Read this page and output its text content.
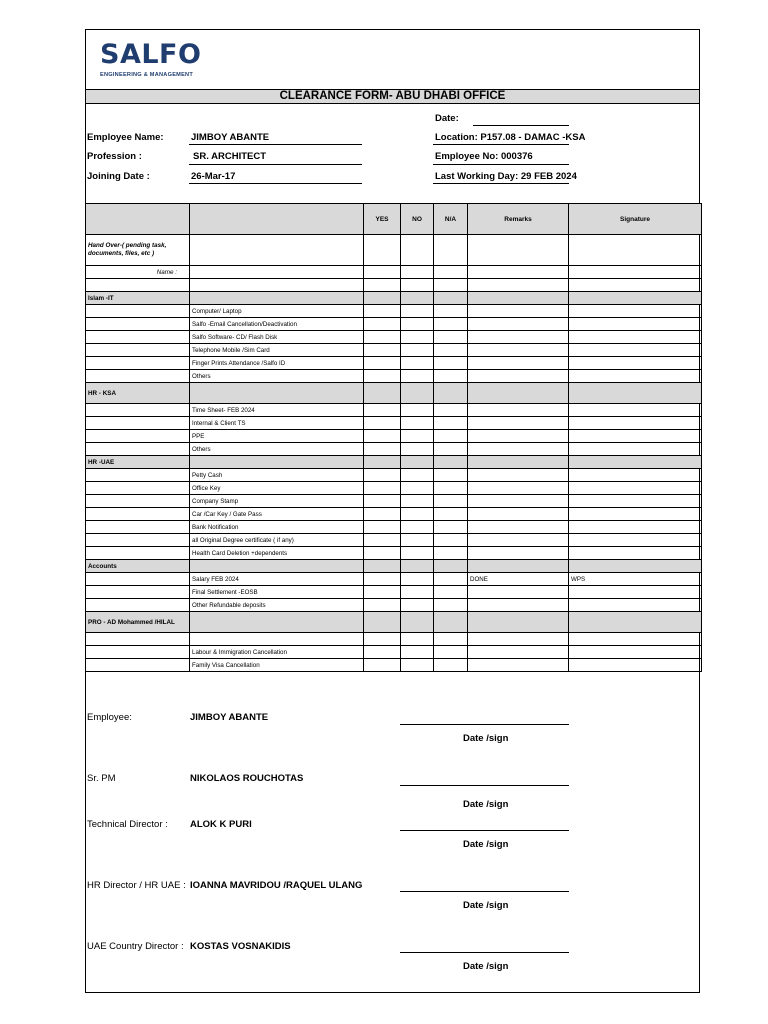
SALFO
ENGINEERING & MANAGEMENT
CLEARANCE FORM- ABU DHABI OFFICE
Date:
Employee Name:	JIMBOY ABANTE	Location: P157.08 - DAMAC -KSA
Profession :	SR. ARCHITECT	Employee No: 000376
Joining Date :	26-Mar-17	Last Working Day: 29 FEB 2024
		YES	NO	N/A	Remarks	Signature
Hand Over-( pending task, documents, files, etc )						
Name :						

Islam -IT						
	Computer/ Laptop					
	Salfo -Email Cancellation/Deactivation					
	Salfo Software- CD/ Flash Disk					
	Telephone Mobile /Sim Card					
	Finger Prints Attendance /Salfo ID					
	Others					
HR - KSA						
	Time Sheet- FEB 2024					
	Internal & Client TS					
	PPE					
	Others					
HR -UAE						
	Petty Cash					
	Office Key					
	Company Stamp					
	Car /Car Key / Gate Pass					
	Bank Notification					
	all Original Degree certificate ( if any)					
	Health Card Deletion +dependents					
Accounts						
	Salary FEB 2024				DONE	WPS
	Final Settlement -EOSB					
	Other Refundable deposits					
PRO - AD Mohammed /HILAL						

	Labour & Immigration Cancellation					
	Family Visa Cancellation					
Employee:	JIMBOY ABANTE
Date /sign
Sr. PM	NIKOLAOS ROUCHOTAS
Date /sign
Technical Director : ALOK K PURI
Date /sign
HR Director / HR UAE : IOANNA MAVRIDOU /RAQUEL ULANG
Date /sign
UAE Country Director : KOSTAS VOSNAKIDIS
Date /sign
